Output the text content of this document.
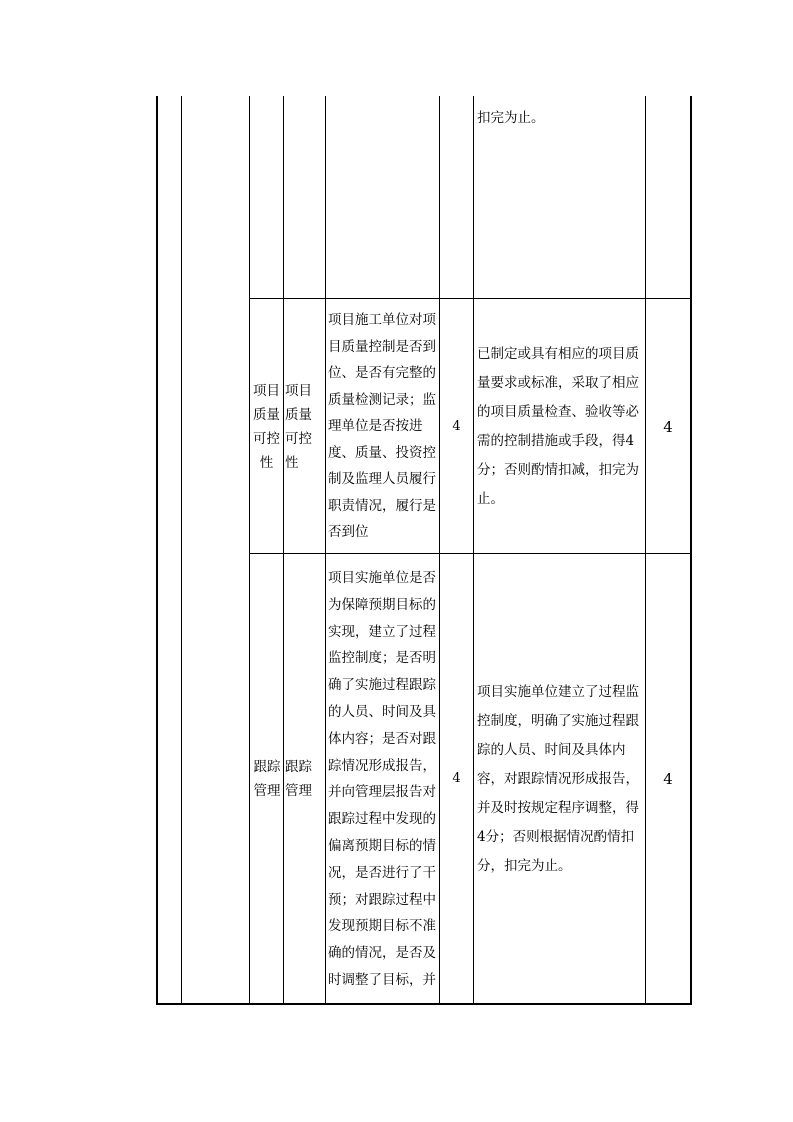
扣完为止。
项目质量可控性
项目质量可控性
项目施工单位对项目质量控制是否到位、是否有完整的质量检测记录；监理单位是否按进度、质量、投资控制及监理人员履行职责情况，履行是否到位
4
已制定或具有相应的项目质量要求或标准，采取了相应的项目质量检查、验收等必需的控制措施或手段，得4分；否则酌情扣减，扣完为止。
4
跟踪管理
跟踪管理
项目实施单位是否为保障预期目标的实现，建立了过程监控制度；是否明确了实施过程跟踪的人员、时间及具体内容；是否对跟踪情况形成报告，并向管理层报告对跟踪过程中发现的偏离预期目标的情况，是否进行了干预；对跟踪过程中发现预期目标不准确的情况，是否及时调整了目标，并
4
项目实施单位建立了过程监控制度，明确了实施过程跟踪的人员、时间及具体内容，对跟踪情况形成报告，并及时按规定程序调整，得4分；否则根据情况酌情扣分，扣完为止。
4
